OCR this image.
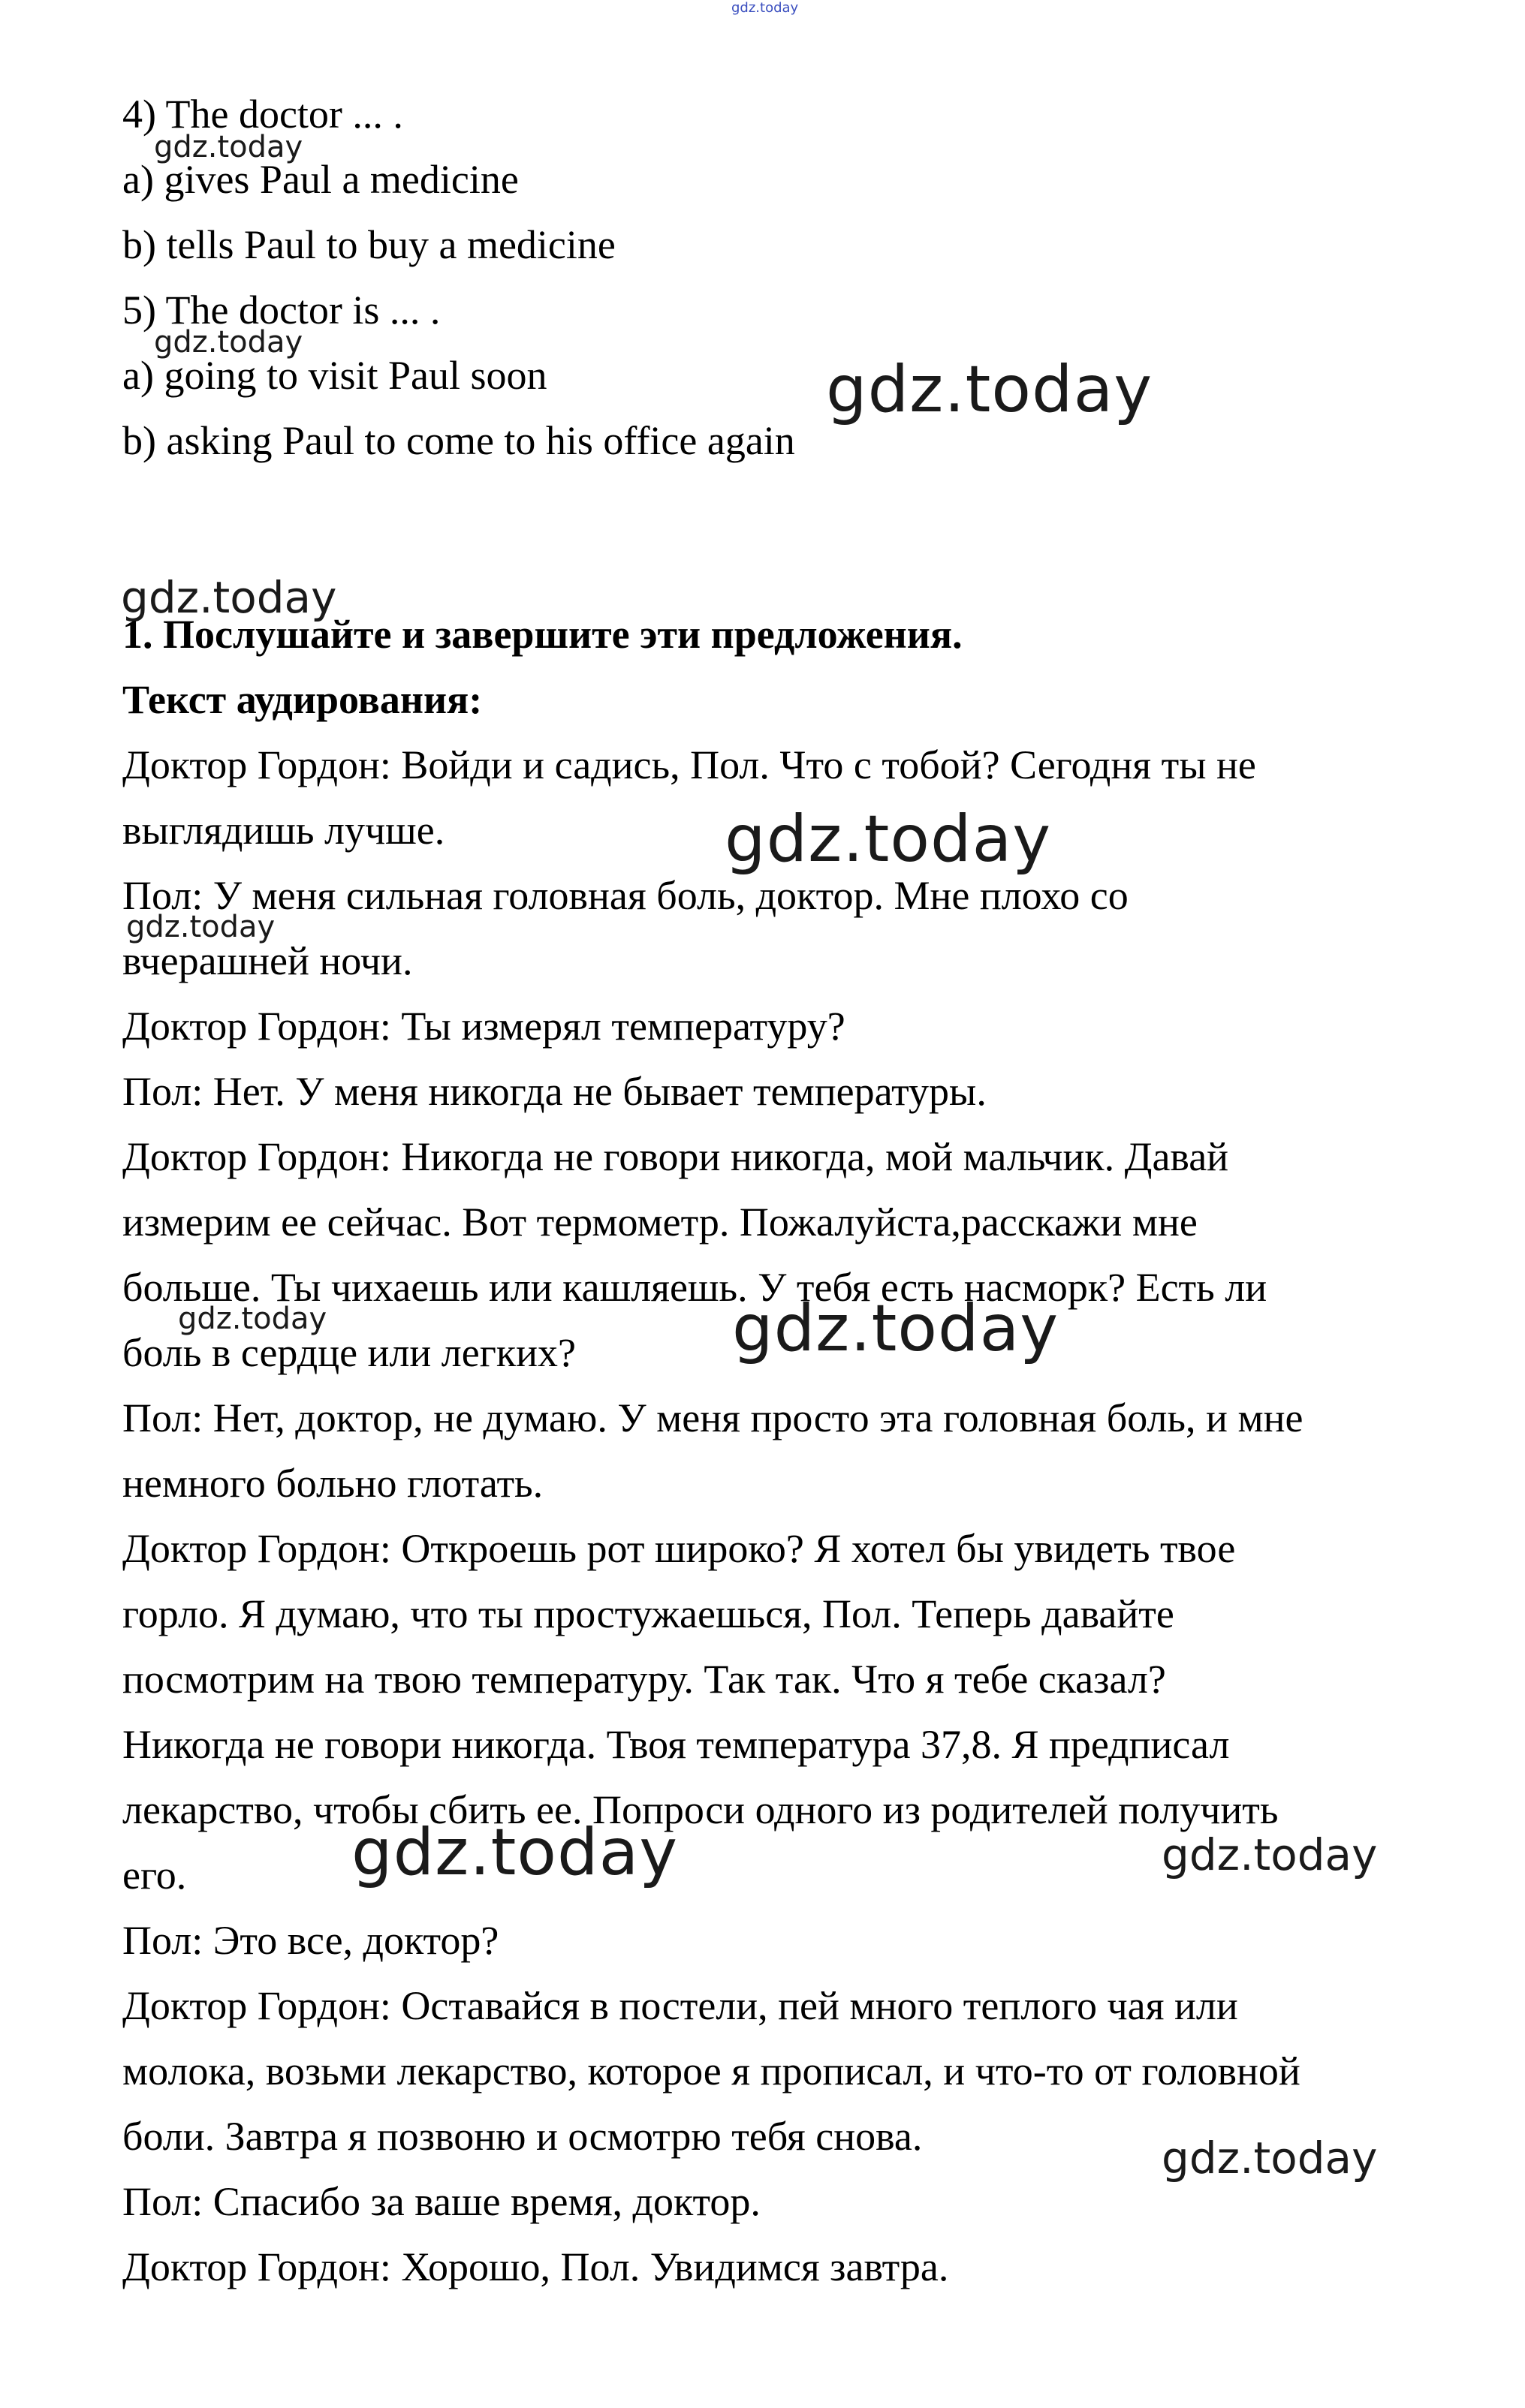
gdz.today
gdz.today
gdz.today
gdz.today
gdz.today
gdz.today
gdz.today
gdz.today	gdz.today
gdz.today	gdz.today
gdz.today

4) The doctor ... .

a) gives Paul a medicine

b) tells Paul to buy a medicine

5) The doctor is ... .

a) going to visit Paul soon

b) asking Paul to come to his office again

1. Послушайте и завершите эти предложения.

Текст аудирования:

Доктор Гордон: Войди и садись, Пол. Что с тобой? Сегодня ты не

выглядишь лучше.

Пол: У меня сильная головная боль, доктор. Мне плохо со

вчерашней ночи.

Доктор Гордон: Ты измерял температуру?

Пол: Нет. У меня никогда не бывает температуры.

Доктор Гордон: Никогда не говори никогда, мой мальчик. Давай

измерим ее сейчас. Вот термометр. Пожалуйста,расскажи мне

больше. Ты чихаешь или кашляешь. У тебя есть насморк? Есть ли

боль в сердце или легких?

Пол: Нет, доктор, не думаю. У меня просто эта головная боль, и мне

немного больно глотать.

Доктор Гордон: Откроешь рот широко? Я хотел бы увидеть твое

горло. Я думаю, что ты простужаешься, Пол. Теперь давайте

посмотрим на твою температуру. Так так. Что я тебе сказал?

Никогда не говори никогда. Твоя температура 37,8. Я предписал

лекарство, чтобы сбить ее. Попроси одного из родителей получить

его.

Пол: Это все, доктор?

Доктор Гордон: Оставайся в постели, пей много теплого чая или

молока, возьми лекарство, которое я прописал, и что-то от головной

боли. Завтра я позвоню и осмотрю тебя снова.

Пол: Спасибо за ваше время, доктор.

Доктор Гордон: Хорошо, Пол. Увидимся завтра.
